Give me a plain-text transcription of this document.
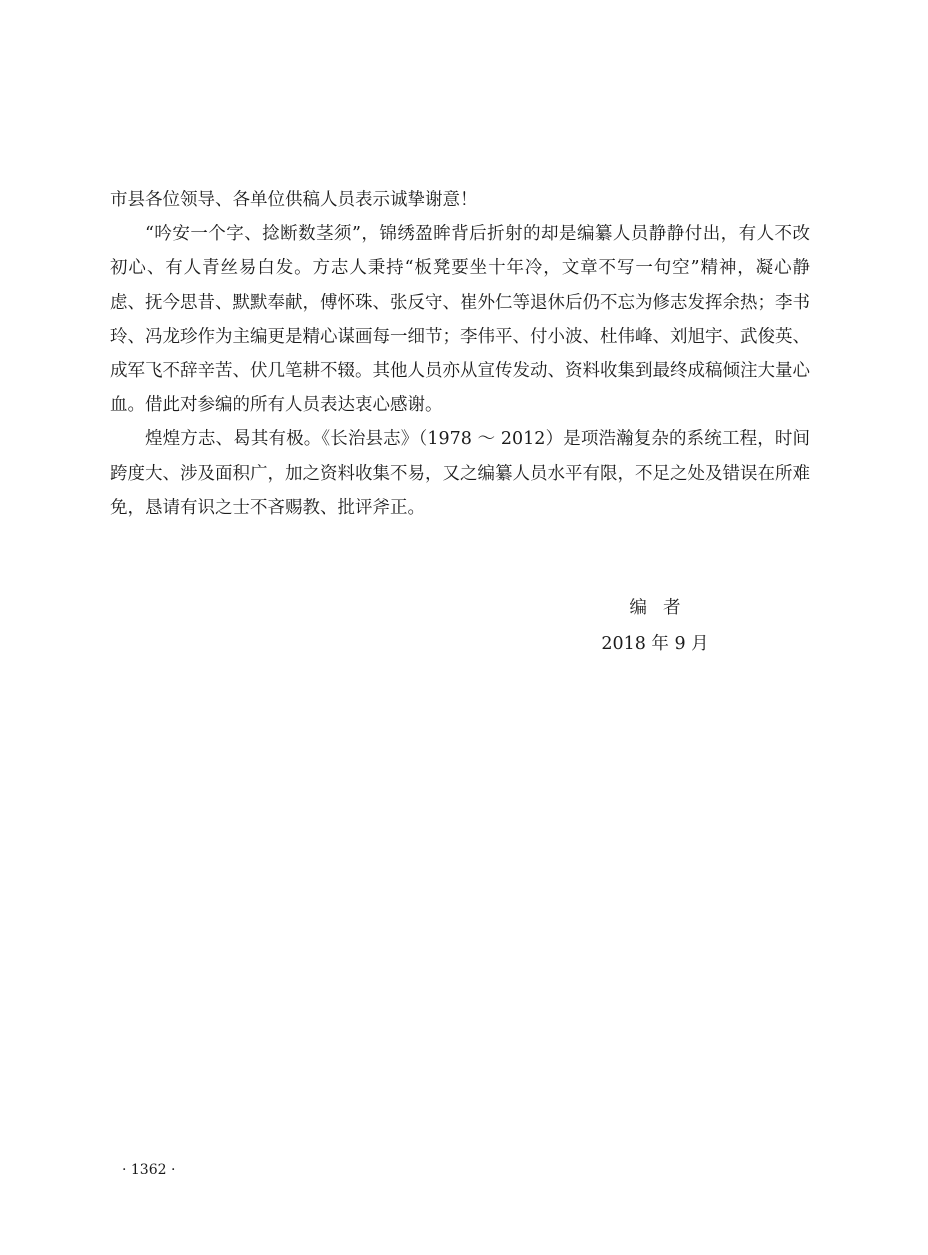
市县各位领导、各单位供稿人员表示诚挚谢意！

“吟安一个字、捻断数茎须”，锦绣盈眸背后折射的却是编纂人员静静付出，有人不改初心、有人青丝易白发。方志人秉持“板凳要坐十年冷，文章不写一句空”精神，凝心静虑、抚今思昔、默默奉献，傅怀珠、张反守、崔外仁等退休后仍不忘为修志发挥余热；李书玲、冯龙珍作为主编更是精心谋画每一细节；李伟平、付小波、杜伟峰、刘旭宇、武俊英、成军飞不辞辛苦、伏几笔耕不辍。其他人员亦从宣传发动、资料收集到最终成稿倾注大量心血。借此对参编的所有人员表达衷心感谢。

煌煌方志、曷其有极。《长治县志》（1978 ～ 2012）是项浩瀚复杂的系统工程，时间跨度大、涉及面积广，加之资料收集不易，又之编纂人员水平有限，不足之处及错误在所难免，恳请有识之士不吝赐教、批评斧正。

编者
2018 年 9 月
· 1362 ·
